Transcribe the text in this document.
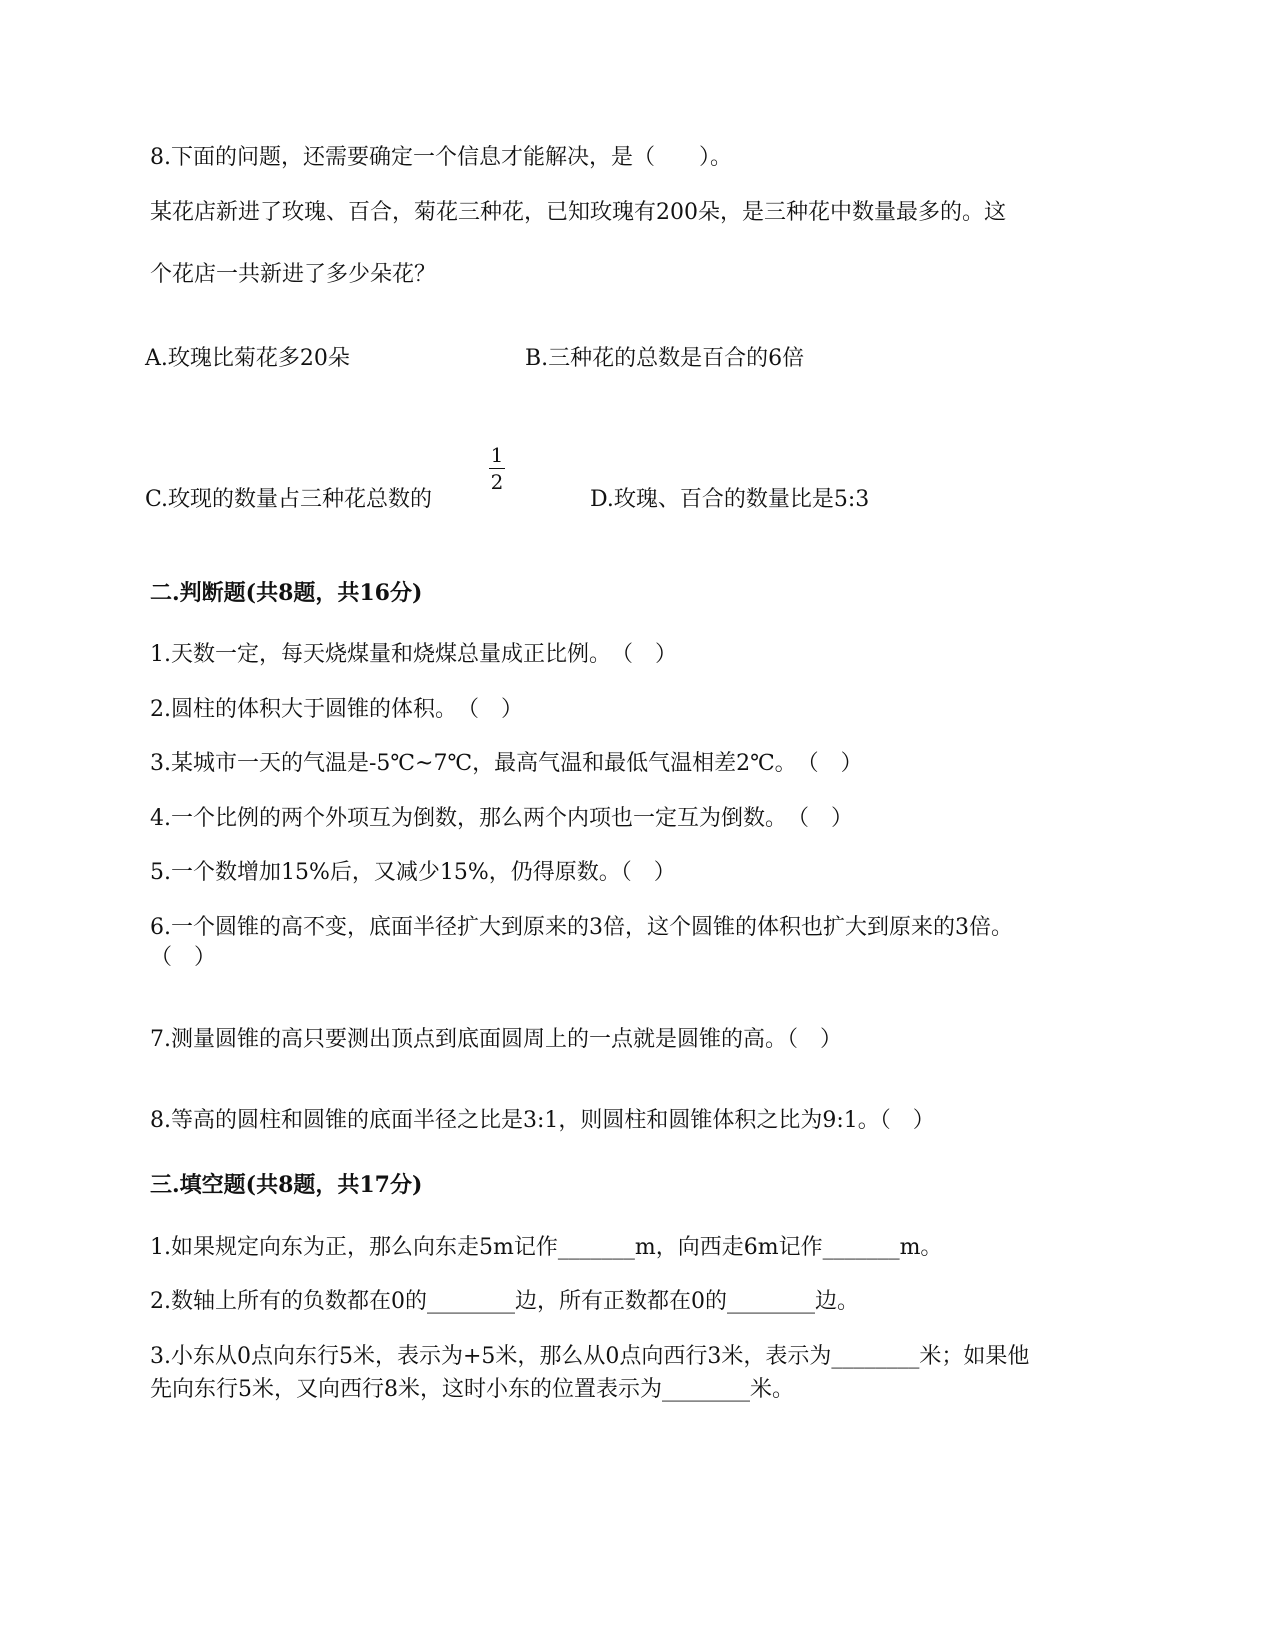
8.下面的问题，还需要确定一个信息才能解决，是（　　）。
某花店新进了玫瑰、百合，菊花三种花，已知玫瑰有200朵，是三种花中数量最多的。这
个花店一共新进了多少朵花？
A.玫瑰比菊花多20朵	B.三种花的总数是百合的6倍
C.玫现的数量占三种花总数的
1
2
D.玫瑰、百合的数量比是5:3
二.判断题(共8题，共16分)
1.天数一定，每天烧煤量和烧煤总量成正比例。　（　）
2.圆柱的体积大于圆锥的体积。　（　）
3.某城市一天的气温是-5℃~7℃，最高气温和最低气温相差2℃。　（　）
4.一个比例的两个外项互为倒数，那么两个内项也一定互为倒数。　（　）
5.一个数增加15%后，又减少15%，仍得原数。（　）
6.一个圆锥的高不变，底面半径扩大到原来的3倍，这个圆锥的体积也扩大到原来的3倍。
（　）
7.测量圆锥的高只要测出顶点到底面圆周上的一点就是圆锥的高。（　）
8.等高的圆柱和圆锥的底面半径之比是3:1，则圆柱和圆锥体积之比为9:1。（　）
三.填空题(共8题，共17分)
1.如果规定向东为正，那么向东走5m记作_______m，向西走6m记作_______m。
2.数轴上所有的负数都在0的________边，所有正数都在0的________边。
3.小东从0点向东行5米，表示为+5米，那么从0点向西行3米，表示为________米；如果他
先向东行5米，又向西行8米，这时小东的位置表示为________米。
